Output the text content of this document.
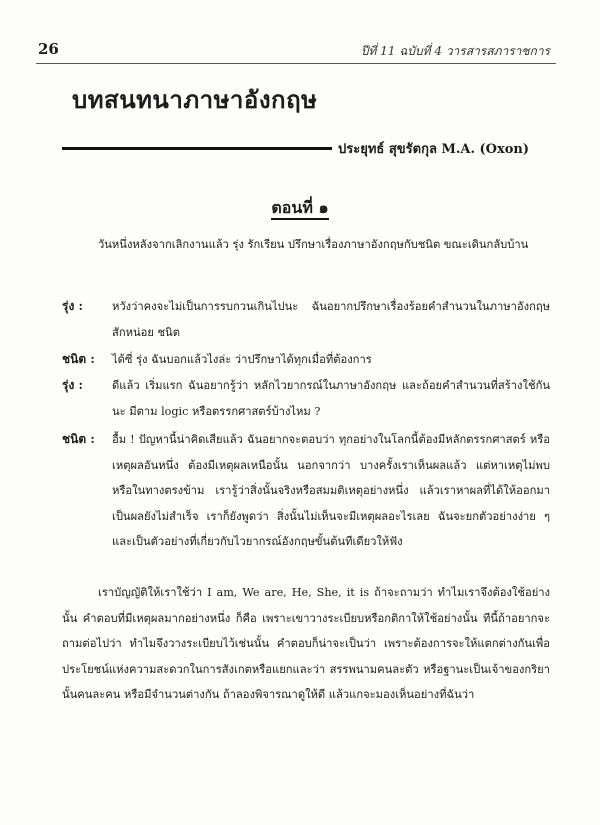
26	ปีที่ 11 ฉบับที่ 4 วารสารสภาราชการ
บทสนทนาภาษาอังกฤษ
ประยุทธ์ สุขรัตกุล M.A. (Oxon)
ตอนที่ ๑

วันหนึ่งหลังจากเลิกงานแล้ว รุ่ง รักเรียน ปรึกษาเรื่องภาษาอังกฤษกับชนิต ขณะเดินกลับบ้าน

รุ่ง :	หวังว่าคงจะไม่เป็นการรบกวนเกินไปนะ ฉันอยากปรึกษาเรื่องร้อยคำสำนวนในภาษาอังกฤษสักหน่อย ชนิต
ชนิต :	ได้ซี่ รุ่ง ฉันบอกแล้วไงล่ะ ว่าปรึกษาได้ทุกเมื่อที่ต้องการ
รุ่ง :	ดีแล้ว เริ่มแรก ฉันอยากรู้ว่า หลักไวยากรณ์ในภาษาอังกฤษ และถ้อยคำสำนวนที่สร้างใช้กันนะ มีตาม logic หรือตรรกศาสตร์บ้างไหม ?
ชนิต :	อื้ม ! ปัญหานี้น่าคิดเสียแล้ว ฉันอยากจะตอบว่า ทุกอย่างในโลกนี้ต้องมีหลักตรรกศาสตร์ หรือเหตุผลอันหนึ่ง ต้องมีเหตุผลเหนือนั้น นอกจากว่า บางครั้งเราเห็นผลแล้ว แต่หาเหตุไม่พบ หรือในทางตรงข้าม เรารู้ว่าสิ่งนั้นจริงหรือสมมติเหตุอย่างหนึ่ง แล้วเราหาผลที่ได้ให้ออกมาเป็นผลยังไม่สำเร็จ เราก็ยังพูดว่า สิ่งนั้นไม่เห็นจะมีเหตุผลอะไรเลย ฉันจะยกตัวอย่างง่าย ๆ และเป็นตัวอย่างที่เกี่ยวกับไวยากรณ์อังกฤษขั้นต้นทีเดียวให้ฟัง

เราบัญญัติให้เราใช้ว่า I am, We are, He, She, it is ถ้าจะถามว่า ทำไมเราจึงต้องใช้อย่างนั้น คำตอบที่มีเหตุผลมากอย่างหนึ่ง ก็คือ เพราะเขาวางระเบียบหรือกติกาให้ใช้อย่างนั้น ทีนี้ถ้าอยากจะถามต่อไปว่า ทำไมจึงวางระเบียบไว้เช่นนั้น คำตอบก็น่าจะเป็นว่า เพราะต้องการจะให้แตกต่างกันเพื่อประโยชน์แห่งความสะดวกในการสังเกตหรือแยกและว่า สรรพนามคนละตัว หรือฐานะเป็นเจ้าของกริยานั้นคนละคน หรือมีจำนวนต่างกัน ถ้าลองพิจารณาดูให้ดี แล้วแกจะมองเห็นอย่างที่ฉันว่า
